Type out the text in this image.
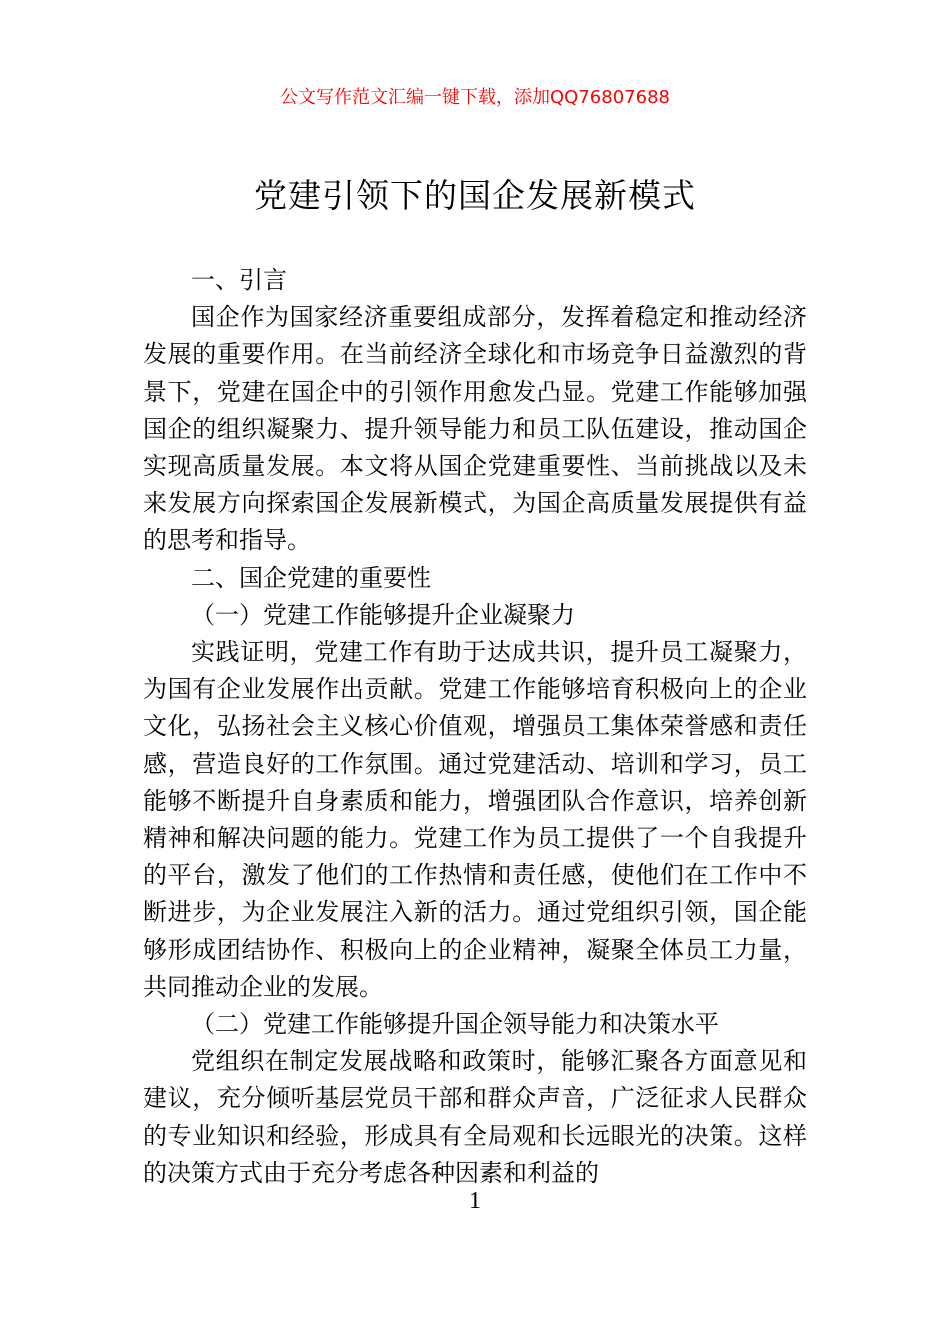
公文写作范文汇编一键下载，添加QQ76807688
党建引领下的国企发展新模式

一、引言

国企作为国家经济重要组成部分，发挥着稳定和推动经济发展的重要作用。在当前经济全球化和市场竞争日益激烈的背景下，党建在国企中的引领作用愈发凸显。党建工作能够加强国企的组织凝聚力、提升领导能力和员工队伍建设，推动国企实现高质量发展。本文将从国企党建重要性、当前挑战以及未来发展方向探索国企发展新模式，为国企高质量发展提供有益的思考和指导。

二、国企党建的重要性

（一）党建工作能够提升企业凝聚力

实践证明，党建工作有助于达成共识，提升员工凝聚力，为国有企业发展作出贡献。党建工作能够培育积极向上的企业文化，弘扬社会主义核心价值观，增强员工集体荣誉感和责任感，营造良好的工作氛围。通过党建活动、培训和学习，员工能够不断提升自身素质和能力，增强团队合作意识，培养创新精神和解决问题的能力。党建工作为员工提供了一个自我提升的平台，激发了他们的工作热情和责任感，使他们在工作中不断进步，为企业发展注入新的活力。通过党组织引领，国企能够形成团结协作、积极向上的企业精神，凝聚全体员工力量，共同推动企业的发展。

（二）党建工作能够提升国企领导能力和决策水平

党组织在制定发展战略和政策时，能够汇聚各方面意见和建议，充分倾听基层党员干部和群众声音，广泛征求人民群众的专业知识和经验，形成具有全局观和长远眼光的决策。这样的决策方式由于充分考虑各种因素和利益的

1
